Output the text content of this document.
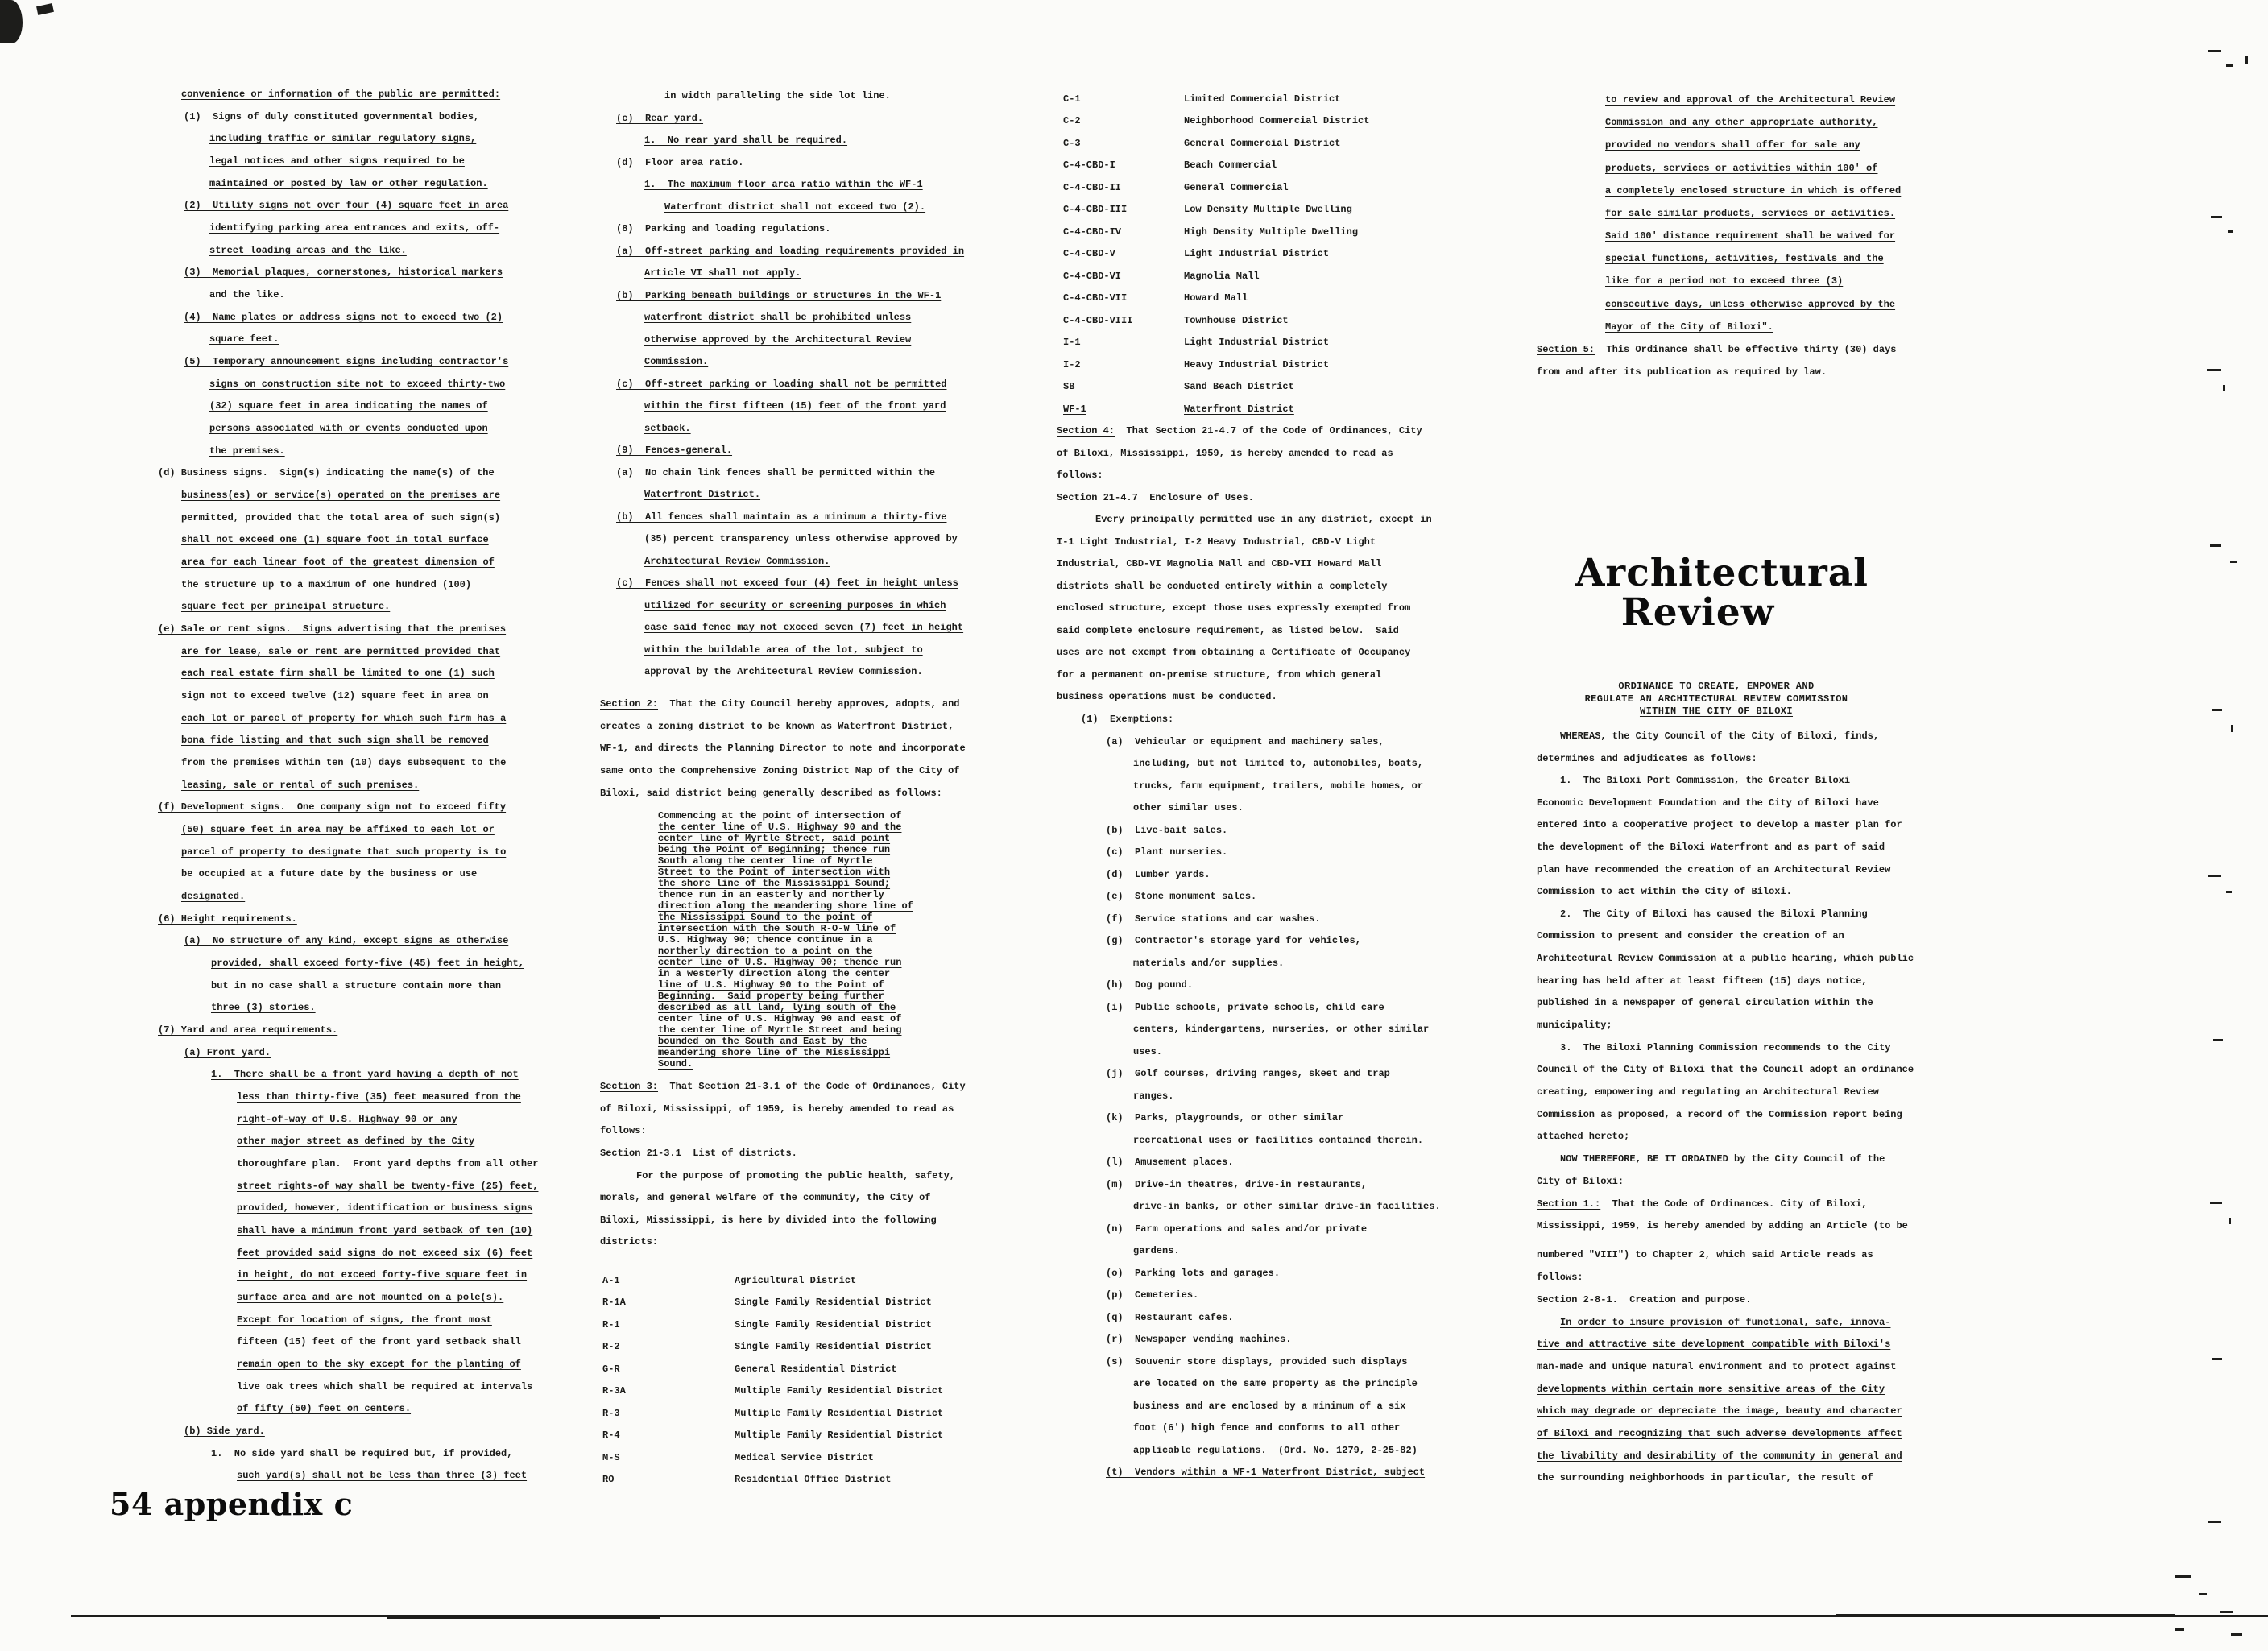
Architectural
Review
ORDINANCE TO CREATE, EMPOWER AND
REGULATE AN ARCHITECTURAL REVIEW COMMISSION
WITHIN THE CITY OF BILOXI
54 appendix c
convenience or information of the public are permitted:
(1)  Signs of duly constituted governmental bodies,
including traffic or similar regulatory signs,
legal notices and other signs required to be
maintained or posted by law or other regulation.
(2)  Utility signs not over four (4) square feet in area
identifying parking area entrances and exits, off-
street loading areas and the like.
(3)  Memorial plaques, cornerstones, historical markers
and the like.
(4)  Name plates or address signs not to exceed two (2)
square feet.
(5)  Temporary announcement signs including contractor's
signs on construction site not to exceed thirty-two
(32) square feet in area indicating the names of
persons associated with or events conducted upon
the premises.
(d) Business signs.  Sign(s) indicating the name(s) of the
business(es) or service(s) operated on the premises are
permitted, provided that the total area of such sign(s)
shall not exceed one (1) square foot in total surface
area for each linear foot of the greatest dimension of
the structure up to a maximum of one hundred (100)
square feet per principal structure.
(e) Sale or rent signs.  Signs advertising that the premises
are for lease, sale or rent are permitted provided that
each real estate firm shall be limited to one (1) such
sign not to exceed twelve (12) square feet in area on
each lot or parcel of property for which such firm has a
bona fide listing and that such sign shall be removed
from the premises within ten (10) days subsequent to the
leasing, sale or rental of such premises.
(f) Development signs.  One company sign not to exceed fifty
(50) square feet in area may be affixed to each lot or
parcel of property to designate that such property is to
be occupied at a future date by the business or use
designated.
(6) Height requirements.
(a)  No structure of any kind, except signs as otherwise
provided, shall exceed forty-five (45) feet in height,
but in no case shall a structure contain more than
three (3) stories.
(7) Yard and area requirements.
(a) Front yard.
1.  There shall be a front yard having a depth of not
less than thirty-five (35) feet measured from the
right-of-way of U.S. Highway 90 or any
other major street as defined by the City
thoroughfare plan.  Front yard depths from all other
street rights-of way shall be twenty-five (25) feet,
provided, however, identification or business signs
shall have a minimum front yard setback of ten (10)
feet provided said signs do not exceed six (6) feet
in height, do not exceed forty-five square feet in
surface area and are not mounted on a pole(s).
Except for location of signs, the front most
fifteen (15) feet of the front yard setback shall
remain open to the sky except for the planting of
live oak trees which shall be required at intervals
of fifty (50) feet on centers.
(b) Side yard.
1.  No side yard shall be required but, if provided,
such yard(s) shall not be less than three (3) feet
in width paralleling the side lot line.
(c)  Rear yard.
1.  No rear yard shall be required.
(d)  Floor area ratio.
1.  The maximum floor area ratio within the WF-1
Waterfront district shall not exceed two (2).
(8)  Parking and loading regulations.
(a)  Off-street parking and loading requirements provided in
Article VI shall not apply.
(b)  Parking beneath buildings or structures in the WF-1
waterfront district shall be prohibited unless
otherwise approved by the Architectural Review
Commission.
(c)  Off-street parking or loading shall not be permitted
within the first fifteen (15) feet of the front yard
setback.
(9)  Fences-general.
(a)  No chain link fences shall be permitted within the
Waterfront District.
(b)  All fences shall maintain as a minimum a thirty-five
(35) percent transparency unless otherwise approved by
Architectural Review Commission.
(c)  Fences shall not exceed four (4) feet in height unless
utilized for security or screening purposes in which
case said fence may not exceed seven (7) feet in height
within the buildable area of the lot, subject to
approval by the Architectural Review Commission.
Section 2:  That the City Council hereby approves, adopts, and
creates a zoning district to be known as Waterfront District,
WF-1, and directs the Planning Director to note and incorporate
same onto the Comprehensive Zoning District Map of the City of
Biloxi, said district being generally described as follows:
Commencing at the point of intersection of
the center line of U.S. Highway 90 and the
center line of Myrtle Street, said point
being the Point of Beginning; thence run
South along the center line of Myrtle
Street to the Point of intersection with
the shore line of the Mississippi Sound;
thence run in an easterly and northerly
direction along the meandering shore line of
the Mississippi Sound to the point of
intersection with the South R-O-W line of
U.S. Highway 90; thence continue in a
northerly direction to a point on the
center line of U.S. Highway 90; thence run
in a westerly direction along the center
line of U.S. Highway 90 to the Point of
Beginning.  Said property being further
described as all land, lying south of the
center line of U.S. Highway 90 and east of
the center line of Myrtle Street and being
bounded on the South and East by the
meandering shore line of the Mississippi
Sound.
Section 3:  That Section 21-3.1 of the Code of Ordinances, City
of Biloxi, Mississippi, of 1959, is hereby amended to read as
follows:
Section 21-3.1  List of districts.
For the purpose of promoting the public health, safety,
morals, and general welfare of the community, the City of
Biloxi, Mississippi, is here by divided into the following
districts:
A-1	Agricultural District
R-1A	Single Family Residential District
R-1	Single Family Residential District
R-2	Single Family Residential District
G-R	General Residential District
R-3A	Multiple Family Residential District
R-3	Multiple Family Residential District
R-4	Multiple Family Residential District
M-S	Medical Service District
RO	Residential Office District
C-1	Limited Commercial District
C-2	Neighborhood Commercial District
C-3	General Commercial District
C-4-CBD-I	Beach Commercial
C-4-CBD-II	General Commercial
C-4-CBD-III	Low Density Multiple Dwelling
C-4-CBD-IV	High Density Multiple Dwelling
C-4-CBD-V	Light Industrial District
C-4-CBD-VI	Magnolia Mall
C-4-CBD-VII	Howard Mall
C-4-CBD-VIII	Townhouse District
I-1	Light Industrial District
I-2	Heavy Industrial District
SB	Sand Beach District
WF-1	Waterfront District
Section 4:  That Section 21-4.7 of the Code of Ordinances, City
of Biloxi, Mississippi, 1959, is hereby amended to read as
follows:
Section 21-4.7  Enclosure of Uses.
Every principally permitted use in any district, except in
I-1 Light Industrial, I-2 Heavy Industrial, CBD-V Light
Industrial, CBD-VI Magnolia Mall and CBD-VII Howard Mall
districts shall be conducted entirely within a completely
enclosed structure, except those uses expressly exempted from
said complete enclosure requirement, as listed below.  Said
uses are not exempt from obtaining a Certificate of Occupancy
for a permanent on-premise structure, from which general
business operations must be conducted.
(1)  Exemptions:
(a)  Vehicular or equipment and machinery sales,
including, but not limited to, automobiles, boats,
trucks, farm equipment, trailers, mobile homes, or
other similar uses.
(b)  Live-bait sales.
(c)  Plant nurseries.
(d)  Lumber yards.
(e)  Stone monument sales.
(f)  Service stations and car washes.
(g)  Contractor's storage yard for vehicles,
materials and/or supplies.
(h)  Dog pound.
(i)  Public schools, private schools, child care
centers, kindergartens, nurseries, or other similar
uses.
(j)  Golf courses, driving ranges, skeet and trap
ranges.
(k)  Parks, playgrounds, or other similar
recreational uses or facilities contained therein.
(l)  Amusement places.
(m)  Drive-in theatres, drive-in restaurants,
drive-in banks, or other similar drive-in facilities.
(n)  Farm operations and sales and/or private
gardens.
(o)  Parking lots and garages.
(p)  Cemeteries.
(q)  Restaurant cafes.
(r)  Newspaper vending machines.
(s)  Souvenir store displays, provided such displays
are located on the same property as the principle
business and are enclosed by a minimum of a six
foot (6') high fence and conforms to all other
applicable regulations.  (Ord. No. 1279, 2-25-82)
(t)  Vendors within a WF-1 Waterfront District, subject
to review and approval of the Architectural Review
Commission and any other appropriate authority,
provided no vendors shall offer for sale any
products, services or activities within 100' of
a completely enclosed structure in which is offered
for sale similar products, services or activities.
Said 100' distance requirement shall be waived for
special functions, activities, festivals and the
like for a period not to exceed three (3)
consecutive days, unless otherwise approved by the
Mayor of the City of Biloxi".
Section 5:  This Ordinance shall be effective thirty (30) days
from and after its publication as required by law.
WHEREAS, the City Council of the City of Biloxi, finds,
determines and adjudicates as follows:
1.  The Biloxi Port Commission, the Greater Biloxi
Economic Development Foundation and the City of Biloxi have
entered into a cooperative project to develop a master plan for
the development of the Biloxi Waterfront and as part of said
plan have recommended the creation of an Architectural Review
Commission to act within the City of Biloxi.
2.  The City of Biloxi has caused the Biloxi Planning
Commission to present and consider the creation of an
Architectural Review Commission at a public hearing, which public
hearing has held after at least fifteen (15) days notice,
published in a newspaper of general circulation within the
municipality;
3.  The Biloxi Planning Commission recommends to the City
Council of the City of Biloxi that the Council adopt an ordinance
creating, empowering and regulating an Architectural Review
Commission as proposed, a record of the Commission report being
attached hereto;
NOW THEREFORE, BE IT ORDAINED by the City Council of the
City of Biloxi:
Section 1.:  That the Code of Ordinances. City of Biloxi,
Mississippi, 1959, is hereby amended by adding an Article (to be
numbered "VIII") to Chapter 2, which said Article reads as
follows:
Section 2-8-1.  Creation and purpose.
In order to insure provision of functional, safe, innova-
tive and attractive site development compatible with Biloxi's
man-made and unique natural environment and to protect against
developments within certain more sensitive areas of the City
which may degrade or depreciate the image, beauty and character
of Biloxi and recognizing that such adverse developments affect
the livability and desirability of the community in general and
the surrounding neighborhoods in particular, the result of
